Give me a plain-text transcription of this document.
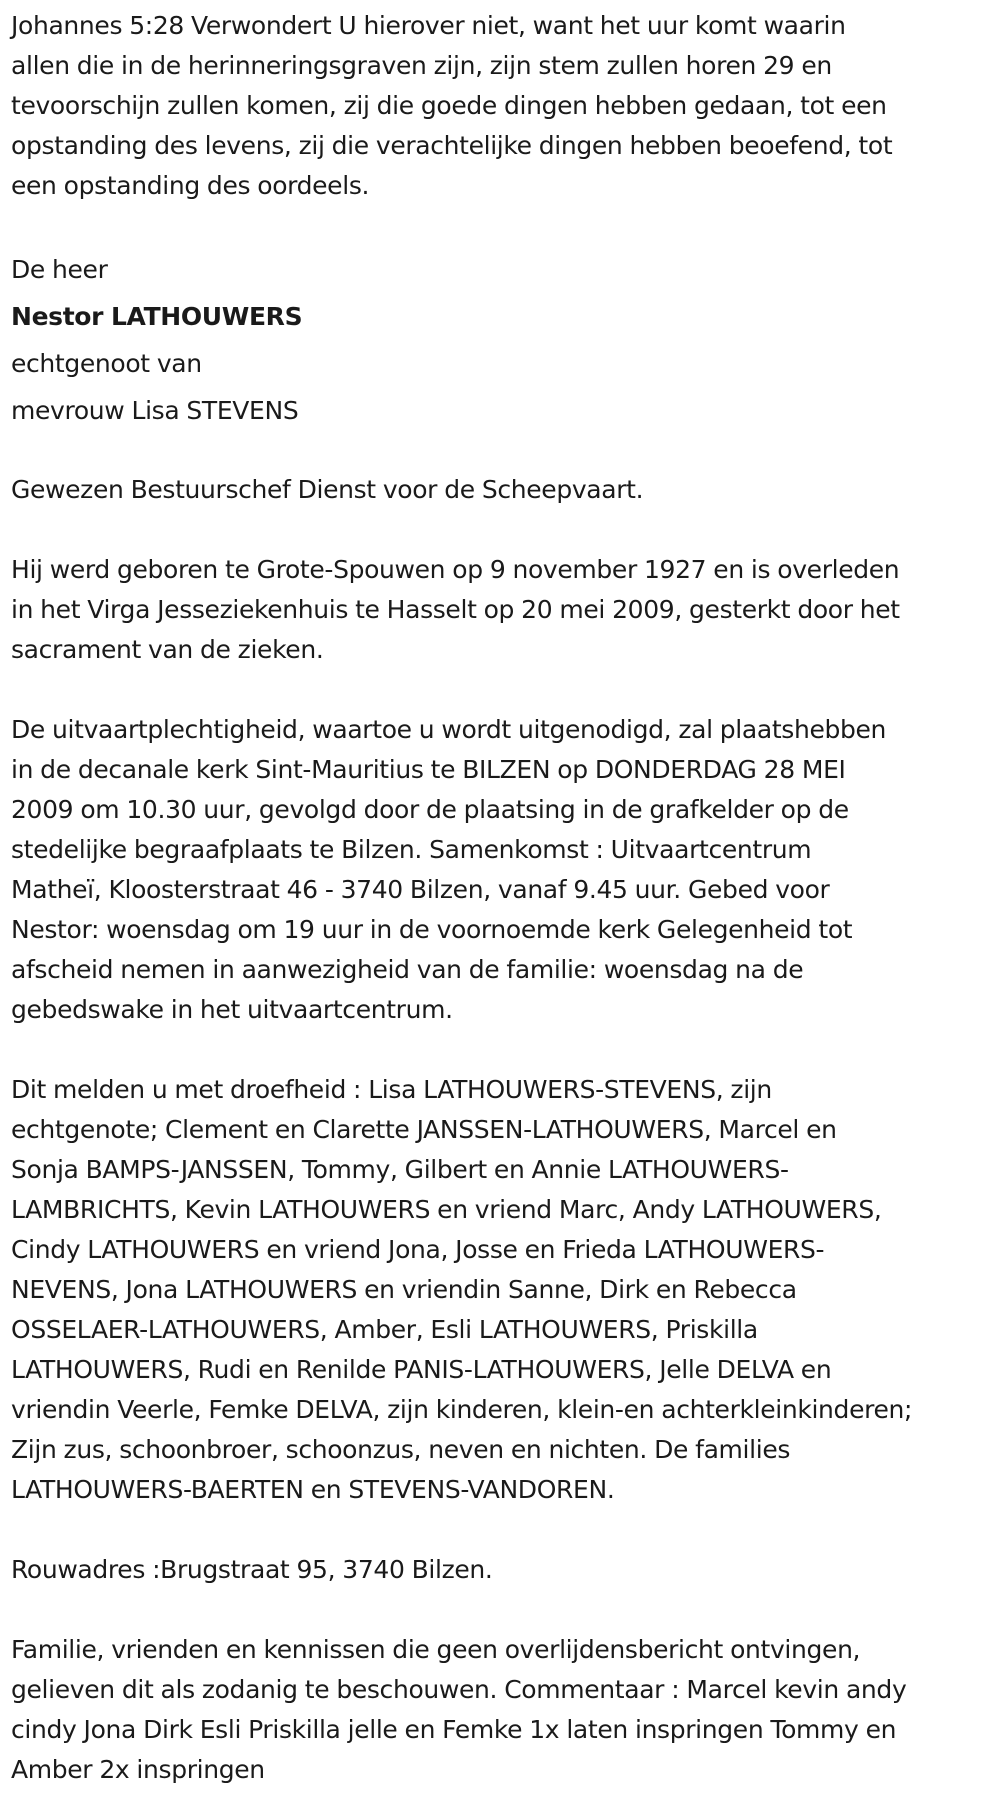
Johannes 5:28 Verwondert U hierover niet, want het uur komt waarin
allen die in de herinneringsgraven zijn, zijn stem zullen horen 29 en
tevoorschijn zullen komen, zij die goede dingen hebben gedaan, tot een
opstanding des levens, zij die verachtelijke dingen hebben beoefend, tot
een opstanding des oordeels.
De heer
Nestor LATHOUWERS
echtgenoot van
mevrouw Lisa STEVENS
Gewezen Bestuurschef Dienst voor de Scheepvaart.
Hij werd geboren te Grote-Spouwen op 9 november 1927 en is overleden
in het Virga Jesseziekenhuis te Hasselt op 20 mei 2009, gesterkt door het
sacrament van de zieken.
De uitvaartplechtigheid, waartoe u wordt uitgenodigd, zal plaatshebben
in de decanale kerk Sint-Mauritius te BILZEN op DONDERDAG 28 MEI
2009 om 10.30 uur, gevolgd door de plaatsing in de grafkelder op de
stedelijke begraafplaats te Bilzen. Samenkomst : Uitvaartcentrum
Matheï, Kloosterstraat 46 - 3740 Bilzen, vanaf 9.45 uur. Gebed voor
Nestor: woensdag om 19 uur in de voornoemde kerk Gelegenheid tot
afscheid nemen in aanwezigheid van de familie: woensdag na de
gebedswake in het uitvaartcentrum.
Dit melden u met droefheid : Lisa LATHOUWERS-STEVENS, zijn
echtgenote; Clement en Clarette JANSSEN-LATHOUWERS, Marcel en
Sonja BAMPS-JANSSEN, Tommy, Gilbert en Annie LATHOUWERS-
LAMBRICHTS, Kevin LATHOUWERS en vriend Marc, Andy LATHOUWERS,
Cindy LATHOUWERS en vriend Jona, Josse en Frieda LATHOUWERS-
NEVENS, Jona LATHOUWERS en vriendin Sanne, Dirk en Rebecca
OSSELAER-LATHOUWERS, Amber, Esli LATHOUWERS, Priskilla
LATHOUWERS, Rudi en Renilde PANIS-LATHOUWERS, Jelle DELVA en
vriendin Veerle, Femke DELVA, zijn kinderen, klein-en achterkleinkinderen;
Zijn zus, schoonbroer, schoonzus, neven en nichten. De families
LATHOUWERS-BAERTEN en STEVENS-VANDOREN.
Rouwadres :Brugstraat 95, 3740 Bilzen.
Familie, vrienden en kennissen die geen overlijdensbericht ontvingen,
gelieven dit als zodanig te beschouwen. Commentaar : Marcel kevin andy
cindy Jona Dirk Esli Priskilla jelle en Femke 1x laten inspringen Tommy en
Amber 2x inspringen
